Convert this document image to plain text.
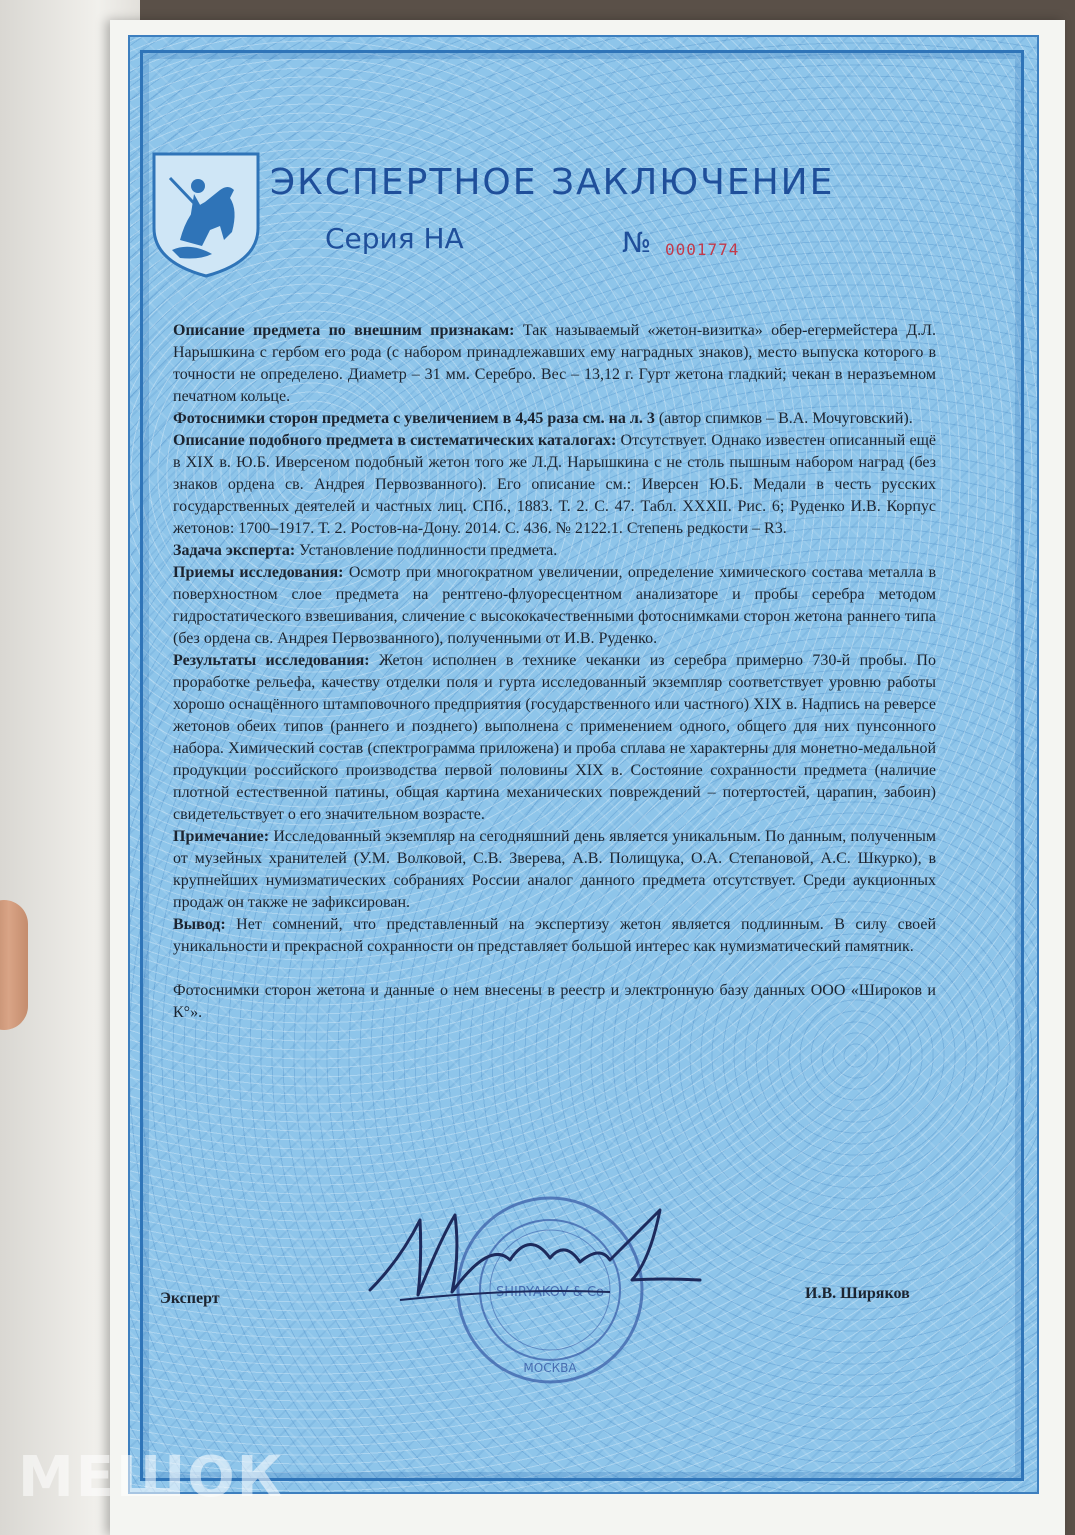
ЭКСПЕРТНОЕ ЗАКЛЮЧЕНИЕ
Серия НА	№ 0001774

Описание предмета по внешним признакам: Так называемый «жетон-визитка» обер-егермейстера Д.Л. Нарышкина с гербом его рода (с набором принадлежавших ему наградных знаков), место выпуска которого в точности не определено. Диаметр – 31 мм. Серебро. Вес – 13,12 г. Гурт жетона гладкий; чекан в неразъемном печатном кольце.

Фотоснимки сторон предмета с увеличением в 4,45 раза см. на л. 3 (автор спимков – В.А. Мочуговский).

Описание подобного предмета в систематических каталогах: Отсутствует. Однако известен описанный ещё в XIX в. Ю.Б. Иверсеном подобный жетон того же Л.Д. Нарышкина с не столь пышным набором наград (без знаков ордена св. Андрея Первозванного). Его описание см.: Иверсен Ю.Б. Медали в честь русских государственных деятелей и частных лиц. СПб., 1883. Т. 2. С. 47. Табл. XXXII. Рис. 6; Руденко И.В. Корпус жетонов: 1700–1917. Т. 2. Ростов-на-Дону. 2014. С. 436. № 2122.1. Степень редкости – R3.

Задача эксперта: Установление подлинности предмета.

Приемы исследования: Осмотр при многократном увеличении, определение химического состава металла в поверхностном слое предмета на рентгено-флуоресцентном анализаторе и пробы серебра методом гидростатического взвешивания, сличение с высококачественными фотоснимками сторон жетона раннего типа (без ордена св. Андрея Первозванного), полученными от И.В. Руденко.

Результаты исследования: Жетон исполнен в технике чеканки из серебра примерно 730-й пробы. По проработке рельефа, качеству отделки поля и гурта исследованный экземпляр соответствует уровню работы хорошо оснащённого штамповочного предприятия (государственного или частного) XIX в. Надпись на реверсе жетонов обеих типов (раннего и позднего) выполнена с применением одного, общего для них пунсонного набора. Химический состав (спектрограмма приложена) и проба сплава не характерны для монетно-медальной продукции российского производства первой половины XIX в. Состояние сохранности предмета (наличие плотной естественной патины, общая картина механических повреждений – потертостей, царапин, забоин) свидетельствует о его значительном возрасте.

Примечание: Исследованный экземпляр на сегодняшний день является уникальным. По данным, полученным от музейных хранителей (У.М. Волковой, С.В. Зверева, А.В. Полищука, О.А. Степановой, А.С. Шкурко), в крупнейших нумизматических собраниях России аналог данного предмета отсутствует. Среди аукционных продаж он также не зафиксирован.

Вывод: Нет сомнений, что представленный на экспертизу жетон является подлинным. В силу своей уникальности и прекрасной сохранности он представляет большой интерес как нумизматический памятник.

Фотоснимки сторон жетона и данные о нем внесены в реестр и электронную базу данных ООО «Широков и К°».

SHIRYAKOV & Co
МОСКВА
Эксперт	И.В. Ширяков
МЕШОК
